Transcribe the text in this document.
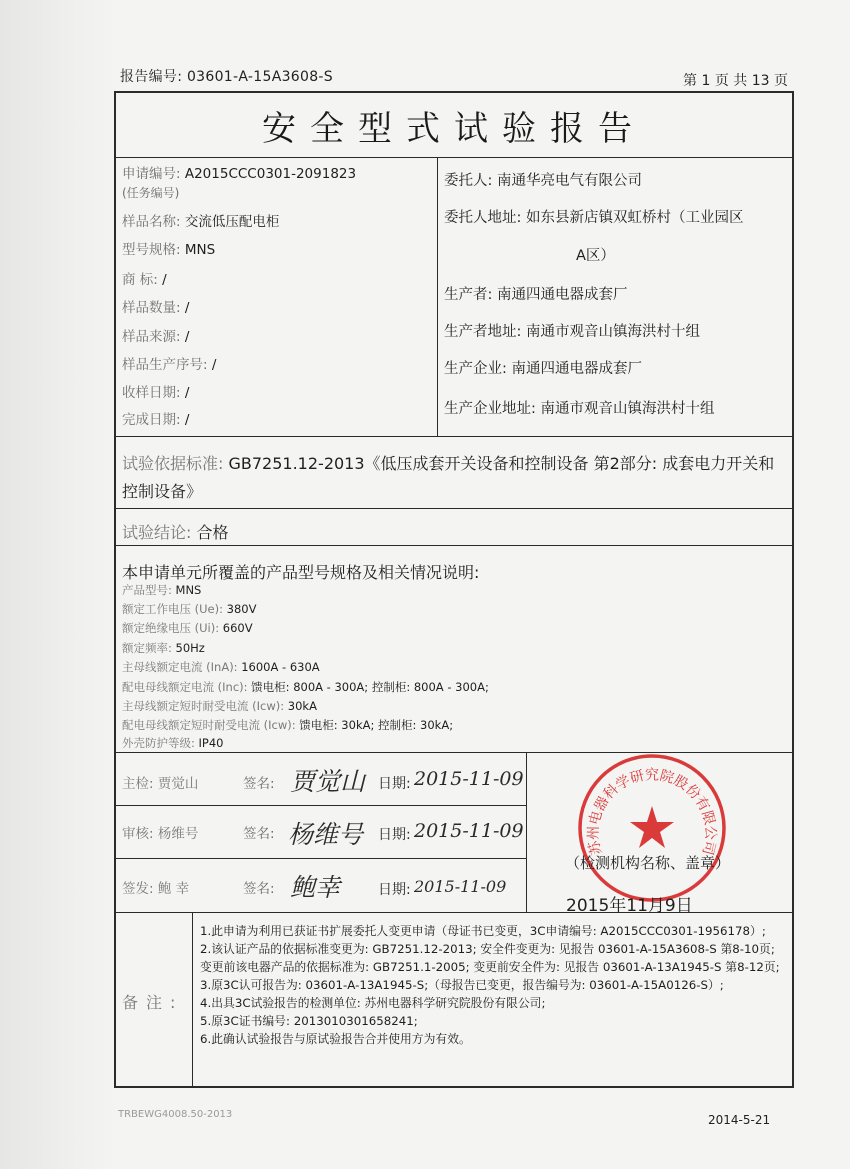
报告编号: 03601-A-15A3608-S	第 1 页 共 13 页
安全型式试验报告
申请编号: A2015CCC0301-2091823
(任务编号)
样品名称: 交流低压配电柜
型号规格: MNS
商 标: /
样品数量: /
样品来源: /
样品生产序号: /
收样日期: /
完成日期: /
委托人: 南通华亮电气有限公司
委托人地址: 如东县新店镇双虹桥村（工业园区
A区）
生产者: 南通四通电器成套厂
生产者地址: 南通市观音山镇海洪村十组
生产企业: 南通四通电器成套厂
生产企业地址: 南通市观音山镇海洪村十组
试验依据标准: GB7251.12-2013《低压成套开关设备和控制设备 第2部分: 成套电力开关和控制设备》
试验结论: 合格
本申请单元所覆盖的产品型号规格及相关情况说明:
产品型号: MNS
额定工作电压 (Ue): 380V
额定绝缘电压 (Ui): 660V
额定频率: 50Hz
主母线额定电流 (InA): 1600A - 630A
配电母线额定电流 (Inc): 馈电柜: 800A - 300A; 控制柜: 800A - 300A;
主母线额定短时耐受电流 (Icw): 30kA
配电母线额定短时耐受电流 (Icw): 馈电柜: 30kA; 控制柜: 30kA;
外壳防护等级: IP40
主检: 贾觉山	签名: 贾觉山 日期: 2015-11-09
审核: 杨维号	签名: 杨维号 日期: 2015-11-09
签发: 鲍 幸	签名: 鲍幸	日期: 2015-11-09
苏州电器科学研究院股份有限公司
（检测机构名称、盖章）
2015年11月9日
备注:
1.此申请为利用已获证书扩展委托人变更申请（母证书已变更，3C申请编号: A2015CCC0301-1956178）;
2.该认证产品的依据标准变更为: GB7251.12-2013; 安全件变更为: 见报告 03601-A-15A3608-S 第8-10页; 变更前该电器产品的依据标准为: GB7251.1-2005; 变更前安全件为: 见报告 03601-A-13A1945-S 第8-12页;
3.原3C认可报告为: 03601-A-13A1945-S;（母报告已变更，报告编号为: 03601-A-15A0126-S）;
4.出具3C试验报告的检测单位: 苏州电器科学研究院股份有限公司;
5.原3C证书编号: 2013010301658241;
6.此确认试验报告与原试验报告合并使用方为有效。
TRBEWG4008.50-2013	2014-5-21
